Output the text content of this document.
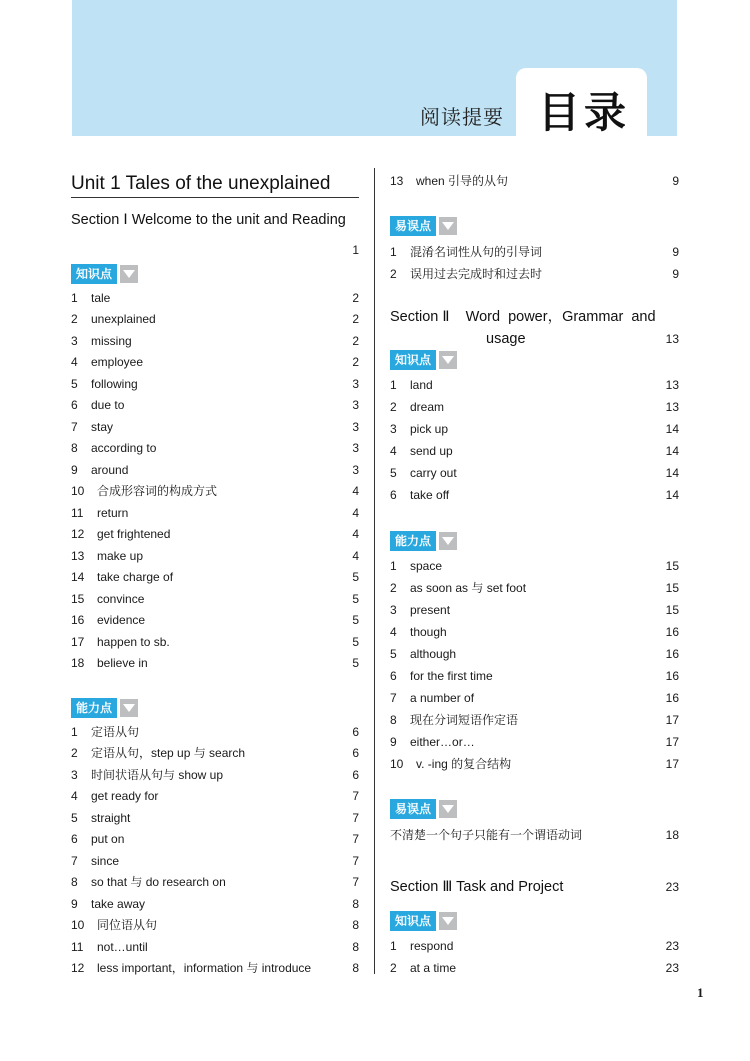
阅读提要 目录
Unit 1 Tales of the unexplained
Section Ⅰ Welcome to the unit and Reading
1
知识点
1 tale	2
2 unexplained	2
3 missing	2
4 employee	2
5 following	3
6 due to	3
7 stay	3
8 according to	3
9 around	3
10 合成形容词的构成方式	4
11 return	4
12 get frightened	4
13 make up	4
14 take charge of	5
15 convince	5
16 evidence	5
17 happen to sb.	5
18 believe in	5
能力点
1 定语从句	6
2 定语从句，step up 与 search	6
3 时间状语从句与 show up	6
4 get ready for	7
5 straight	7
6 put on	7
7 since	7
8 so that 与 do research on	7
9 take away	8
10 同位语从句	8
11 not…until	8
12 less important，information 与 introduce	8
13 when 引导的从句	9
易误点
1 混淆名词性从句的引导词	9
2 误用过去完成时和过去时	9
Section Ⅱ    Word  power，Grammar  and
usage	13
知识点
1 land	13
2 dream	13
3 pick up	14
4 send up	14
5 carry out	14
6 take off	14
能力点
1 space	15
2 as soon as 与 set foot	15
3 present	15
4 though	16
5 although	16
6 for the first time	16
7 a number of	16
8 现在分词短语作定语	17
9 either…or…	17
10 v. -ing 的复合结构	17
易误点
不清楚一个句子只能有一个谓语动词	18
Section Ⅲ Task and Project	23
知识点
1 respond	23
2 at a time	23
1
